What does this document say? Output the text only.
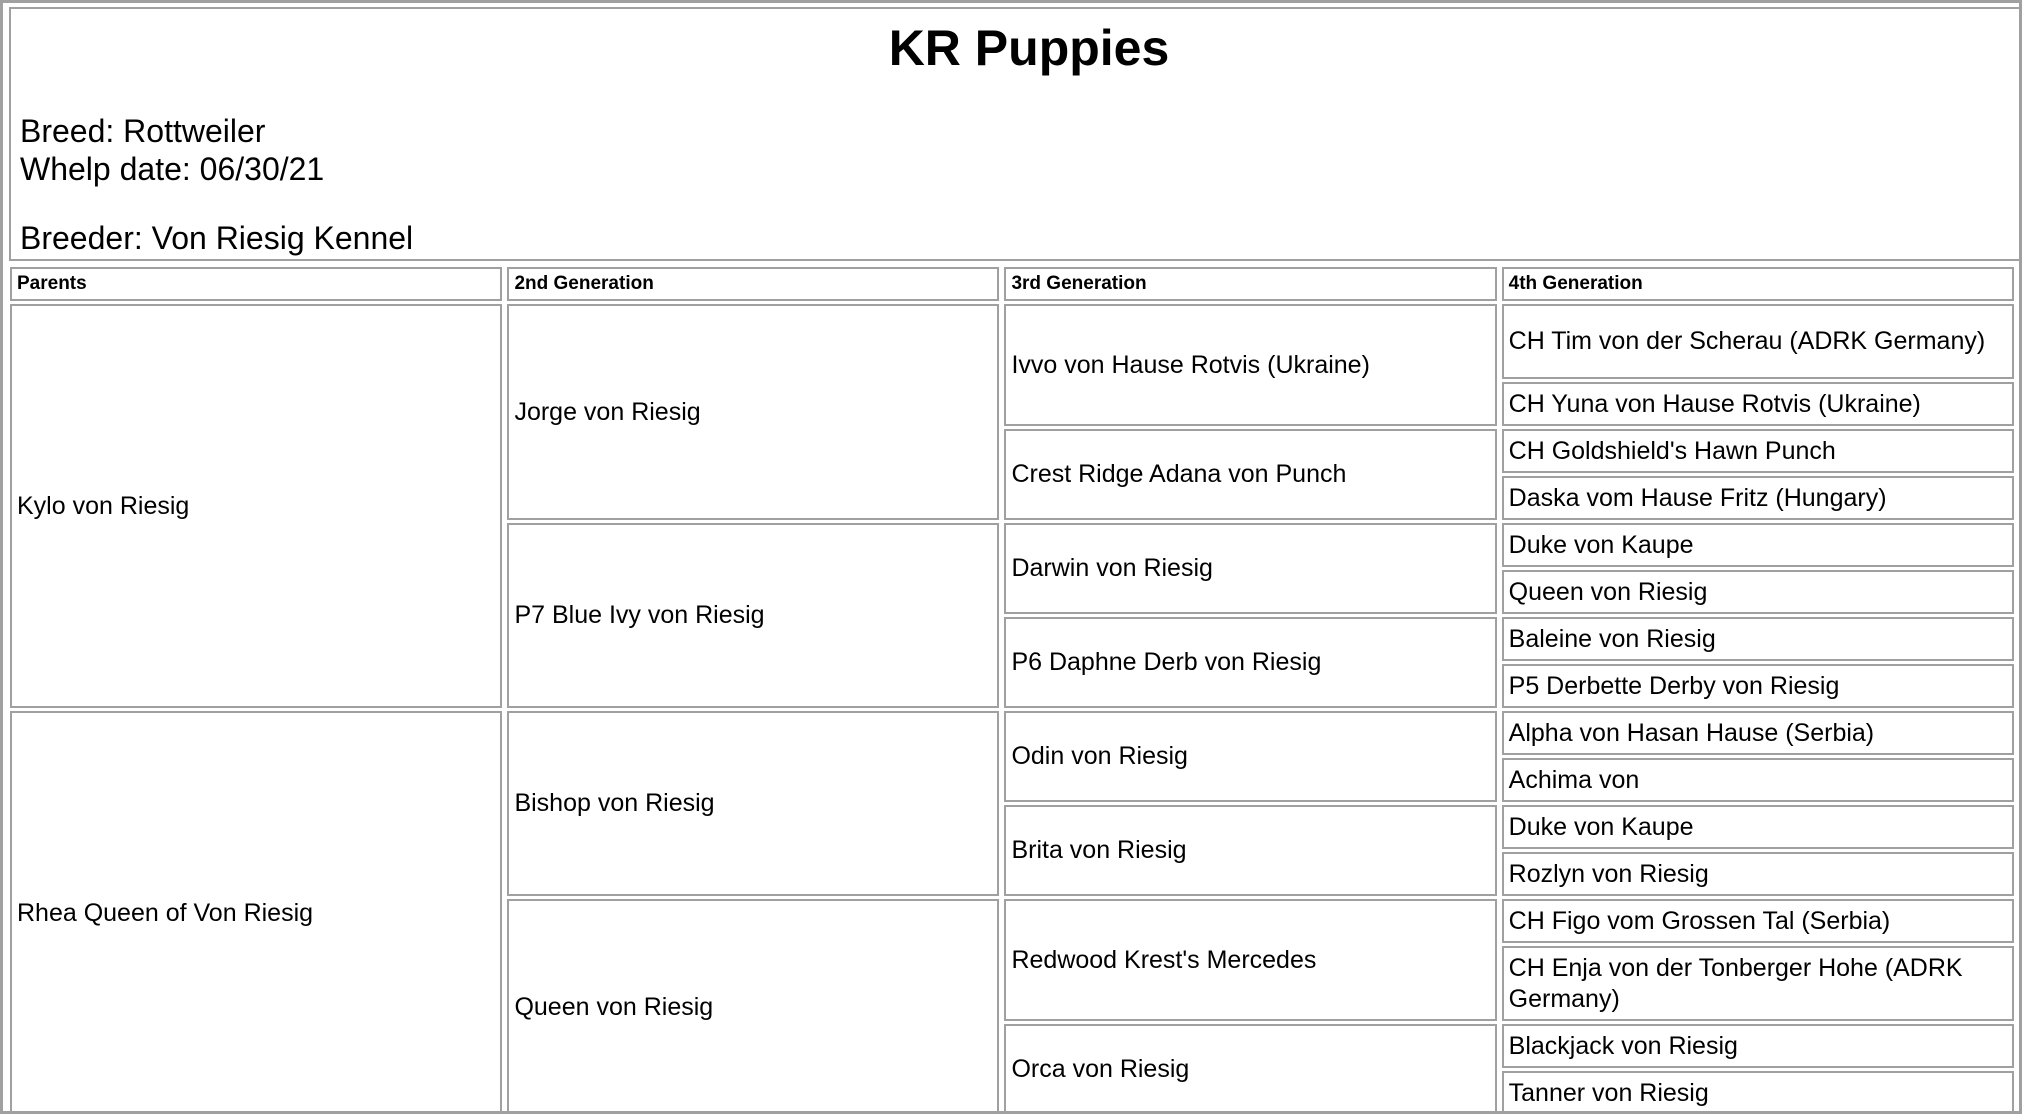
KR Puppies
Breed: Rottweiler
Whelp date: 06/30/21
Breeder: Von Riesig Kennel
Parents	2nd Generation	3rd Generation	4th Generation
Kylo von Riesig	Jorge von Riesig	Ivvo von Hause Rotvis (Ukraine)	CH Tim von der Scherau (ADRK Germany)
			CH Yuna von Hause Rotvis (Ukraine)
		Crest Ridge Adana von Punch	CH Goldshield's Hawn Punch
			Daska vom Hause Fritz (Hungary)
	P7 Blue Ivy von Riesig	Darwin von Riesig	Duke von Kaupe
			Queen von Riesig
		P6 Daphne Derb von Riesig	Baleine von Riesig
			P5 Derbette Derby von Riesig
Rhea Queen of Von Riesig	Bishop von Riesig	Odin von Riesig	Alpha von Hasan Hause (Serbia)
			Achima von
		Brita von Riesig	Duke von Kaupe
			Rozlyn von Riesig
	Queen von Riesig	Redwood Krest's Mercedes	CH Figo vom Grossen Tal (Serbia)
			CH Enja von der Tonberger Hohe (ADRK Germany)
		Orca von Riesig	Blackjack von Riesig
			Tanner von Riesig
